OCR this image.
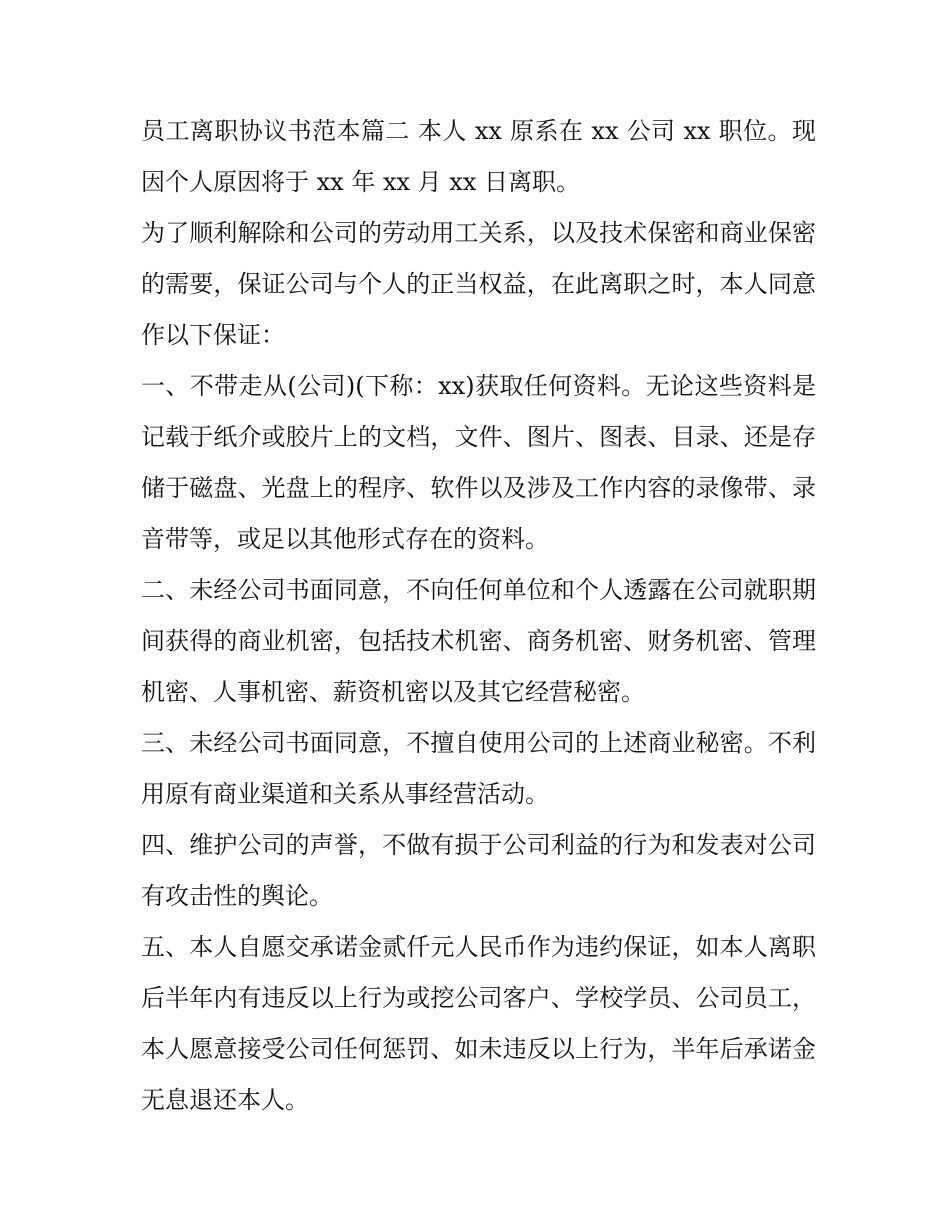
员工离职协议书范本篇二 本人 xx 原系在 xx 公司 xx 职位。现因个人原因将于 xx 年 xx 月 xx 日离职。

为了顺利解除和公司的劳动用工关系，以及技术保密和商业保密的需要，保证公司与个人的正当权益，在此离职之时，本人同意作以下保证：

一、不带走从(公司)(下称：xx)获取任何资料。无论这些资料是记载于纸介或胶片上的文档，文件、图片、图表、目录、还是存储于磁盘、光盘上的程序、软件以及涉及工作内容的录像带、录音带等，或足以其他形式存在的资料。

二、未经公司书面同意，不向任何单位和个人透露在公司就职期间获得的商业机密，包括技术机密、商务机密、财务机密、管理机密、人事机密、薪资机密以及其它经营秘密。

三、未经公司书面同意，不擅自使用公司的上述商业秘密。不利用原有商业渠道和关系从事经营活动。

四、维护公司的声誉，不做有损于公司利益的行为和发表对公司有攻击性的舆论。

五、本人自愿交承诺金贰仟元人民币作为违约保证，如本人离职后半年内有违反以上行为或挖公司客户、学校学员、公司员工，本人愿意接受公司任何惩罚、如未违反以上行为，半年后承诺金无息退还本人。
